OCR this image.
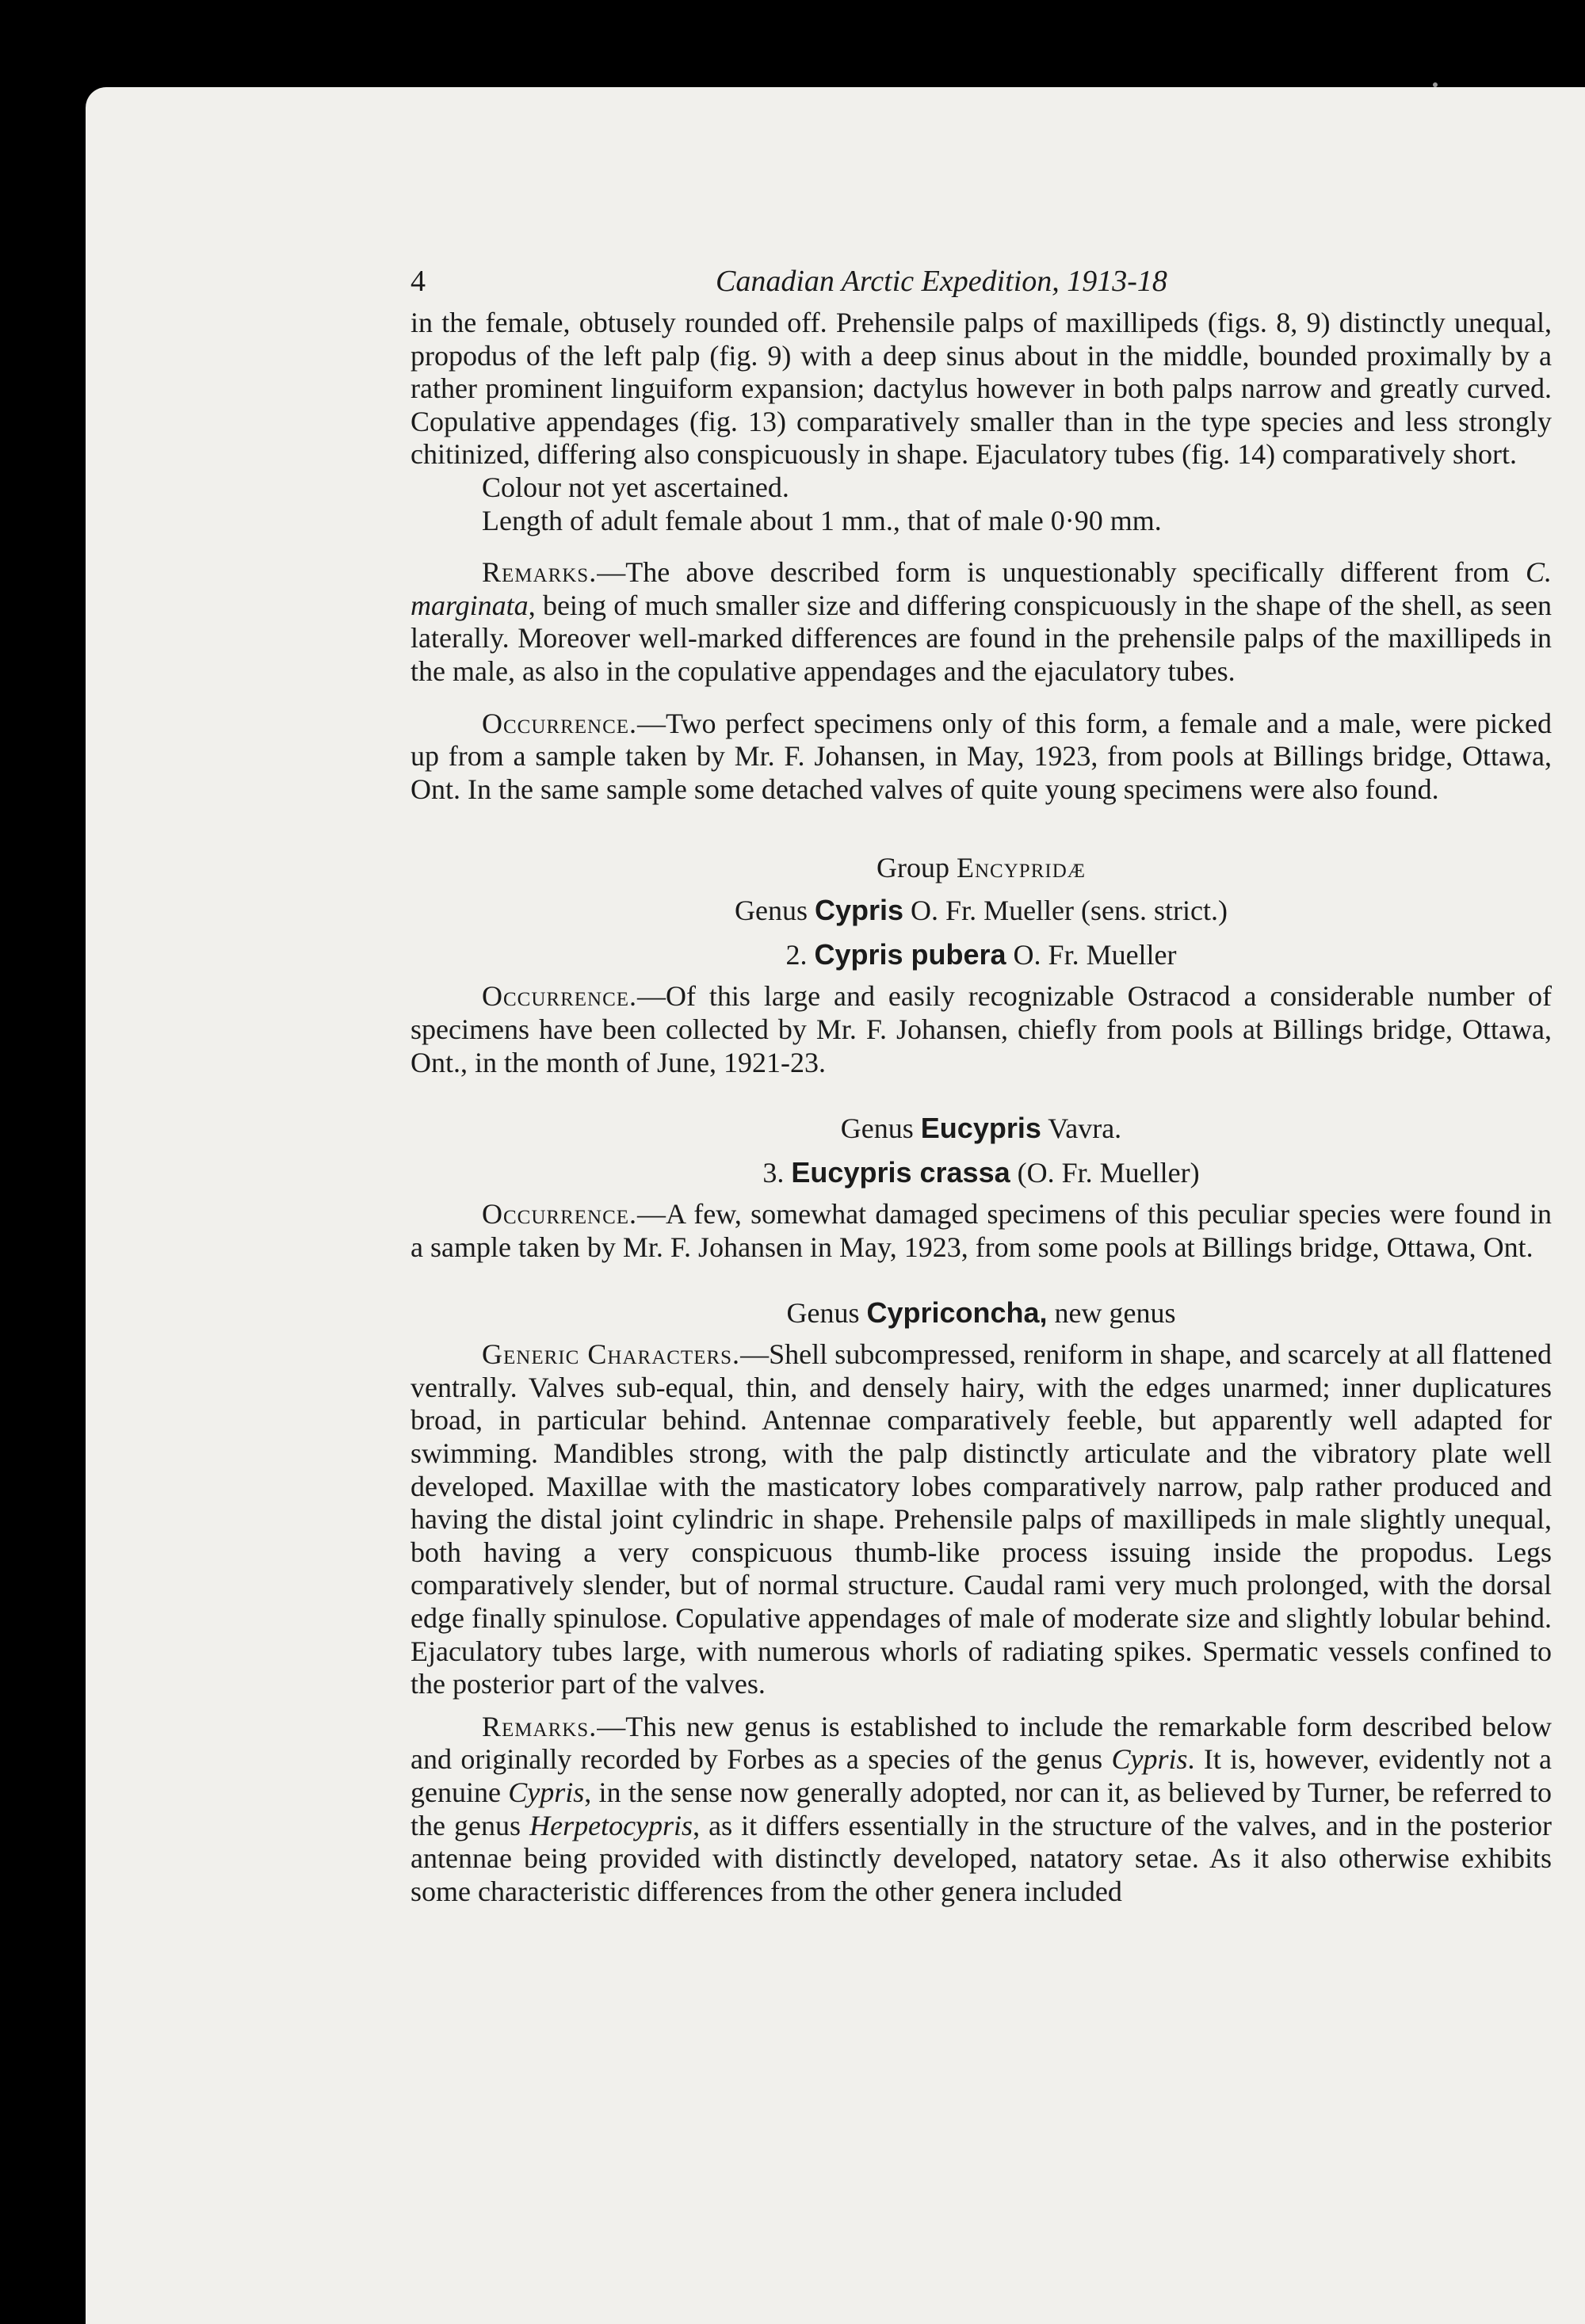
4	Canadian Arctic Expedition, 1913-18

in the female, obtusely rounded off. Prehensile palps of maxillipeds (figs. 8, 9) distinctly unequal, propodus of the left palp (fig. 9) with a deep sinus about in the middle, bounded proximally by a rather prominent linguiform expansion; dactylus however in both palps narrow and greatly curved. Copulative appendages (fig. 13) comparatively smaller than in the type species and less strongly chitinized, differing also conspicuously in shape. Ejaculatory tubes (fig. 14) comparatively short.

Colour not yet ascertained.

Length of adult female about 1 mm., that of male 0·90 mm.

Remarks.—The above described form is unquestionably specifically different from C. marginata, being of much smaller size and differing conspicuously in the shape of the shell, as seen laterally. Moreover well-marked differences are found in the prehensile palps of the maxillipeds in the male, as also in the copulative appendages and the ejaculatory tubes.

Occurrence.—Two perfect specimens only of this form, a female and a male, were picked up from a sample taken by Mr. F. Johansen, in May, 1923, from pools at Billings bridge, Ottawa, Ont. In the same sample some detached valves of quite young specimens were also found.

Group Encypridæ

Genus Cypris O. Fr. Mueller (sens. strict.)

2. Cypris pubera O. Fr. Mueller

Occurrence.—Of this large and easily recognizable Ostracod a considerable number of specimens have been collected by Mr. F. Johansen, chiefly from pools at Billings bridge, Ottawa, Ont., in the month of June, 1921-23.

Genus Eucypris Vavra.

3. Eucypris crassa (O. Fr. Mueller)

Occurrence.—A few, somewhat damaged specimens of this peculiar species were found in a sample taken by Mr. F. Johansen in May, 1923, from some pools at Billings bridge, Ottawa, Ont.

Genus Cypriconcha, new genus

Generic Characters.—Shell subcompressed, reniform in shape, and scarcely at all flattened ventrally. Valves sub-equal, thin, and densely hairy, with the edges unarmed; inner duplicatures broad, in particular behind. Antennae comparatively feeble, but apparently well adapted for swimming. Mandibles strong, with the palp distinctly articulate and the vibratory plate well developed. Maxillae with the masticatory lobes comparatively narrow, palp rather produced and having the distal joint cylindric in shape. Prehensile palps of maxillipeds in male slightly unequal, both having a very conspicuous thumb-like process issuing inside the propodus. Legs comparatively slender, but of normal structure. Caudal rami very much prolonged, with the dorsal edge finally spinulose. Copulative appendages of male of moderate size and slightly lobular behind. Ejaculatory tubes large, with numerous whorls of radiating spikes. Spermatic vessels confined to the posterior part of the valves.

Remarks.—This new genus is established to include the remarkable form described below and originally recorded by Forbes as a species of the genus Cypris. It is, however, evidently not a genuine Cypris, in the sense now generally adopted, nor can it, as believed by Turner, be referred to the genus Herpetocypris, as it differs essentially in the structure of the valves, and in the posterior antennae being provided with distinctly developed, natatory setae. As it also otherwise exhibits some characteristic differences from the other genera included
